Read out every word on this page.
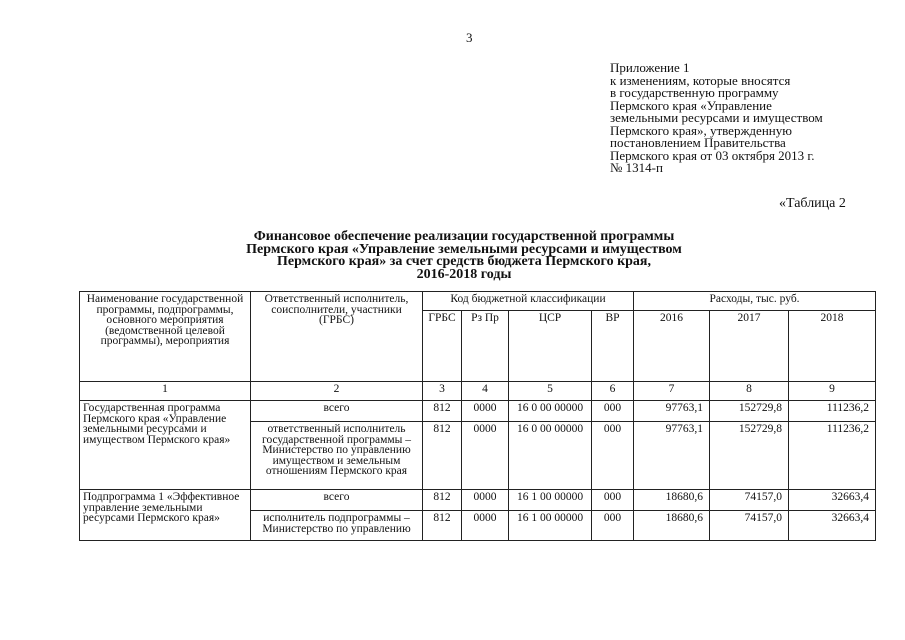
3
Приложение 1
к изменениям, которые вносятся
в государственную программу
Пермского края «Управление
земельными ресурсами и имуществом
Пермского края», утвержденную
постановлением Правительства
Пермского края от 03 октября 2013 г.
№ 1314-п
«Таблица 2
Финансовое обеспечение реализации государственной программы
Пермского края «Управление земельными ресурсами и имуществом
Пермского края» за счет средств бюджета Пермского края,
2016-2018 годы
Наименование государственной программы, подпрограммы, основного мероприятия (ведомственной целевой программы), мероприятия	Ответственный исполнитель, соисполнители, участники (ГРБС)	Код бюджетной классификации				Расходы, тыс. руб.		
		ГРБС	Рз Пр	ЦСР	ВР	2016	2017	2018
1	2	3	4	5	6	7	8	9
Государственная программа Пермского края «Управление земельными ресурсами и имуществом Пермского края»	всего	812	0000	16 0 00 00000	000	97763,1	152729,8	111236,2
	ответственный исполнитель государственной программы – Министерство по управлению имуществом и земельным отношениям Пермского края	812	0000	16 0 00 00000	000	97763,1	152729,8	111236,2
Подпрограмма 1 «Эффективное управление земельными ресурсами Пермского края»	всего	812	0000	16 1 00 00000	000	18680,6	74157,0	32663,4
	исполнитель подпрограммы – Министерство по управлению	812	0000	16 1 00 00000	000	18680,6	74157,0	32663,4
